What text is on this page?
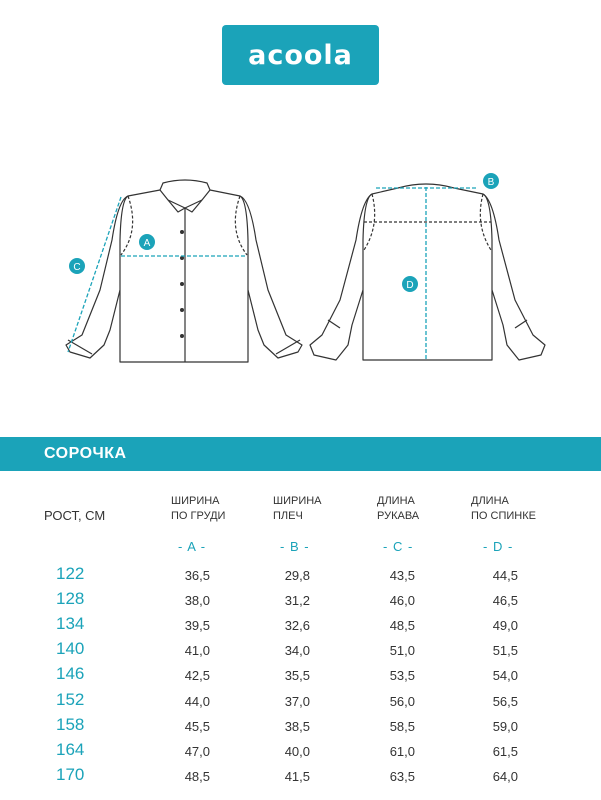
acoola
A
B
C
D
СОРОЧКА
РОСТ, СМ
ШИРИНА
ПО ГРУДИ
ШИРИНА
ПЛЕЧ
ДЛИНА
РУКАВА
ДЛИНА
ПО СПИНКЕ
- A -	- B -	- C -	- D -
122	36,5	29,8	43,5	44,5
128	38,0	31,2	46,0	46,5
134	39,5	32,6	48,5	49,0
140	41,0	34,0	51,0	51,5
146	42,5	35,5	53,5	54,0
152	44,0	37,0	56,0	56,5
158	45,5	38,5	58,5	59,0
164	47,0	40,0	61,0	61,5
170	48,5	41,5	63,5	64,0
